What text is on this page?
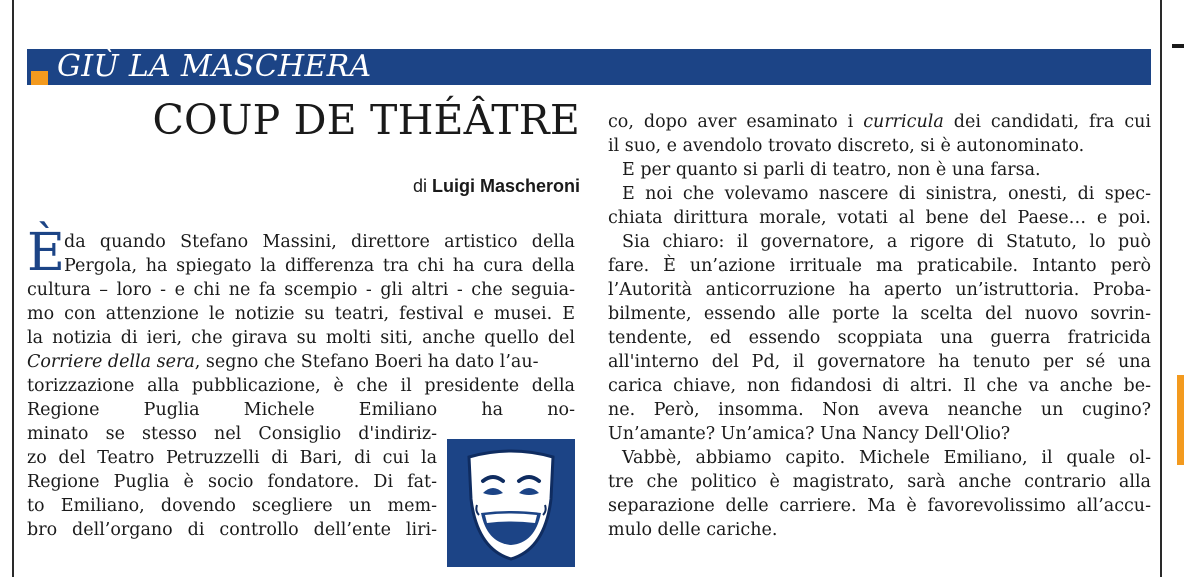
GIÙ LA MASCHERA
COUP DE THÉÂTRE
di Luigi Mascheroni
È da quando Stefano Massini, direttore artistico della

Pergola, ha spiegato la differenza tra chi ha cura della

cultura – loro - e chi ne fa scempio - gli altri - che seguia-

mo con attenzione le notizie su teatri, festival e musei. E

la notizia di ieri, che girava su molti siti, anche quello del

Corriere della sera, segno che Stefano Boeri ha dato l’au-

torizzazione alla pubblicazione, è che il presidente della

Regione Puglia Michele Emiliano ha no-

minato se stesso nel Consiglio d'indiriz-

zo del Teatro Petruzzelli di Bari, di cui la

Regione Puglia è socio fondatore. Di fat-

to Emiliano, dovendo scegliere un mem-

bro dell’organo di controllo dell’ente liri-

co, dopo aver esaminato i curricula dei candidati, fra cui

il suo, e avendolo trovato discreto, si è autonominato.

E per quanto si parli di teatro, non è una farsa.

E noi che volevamo nascere di sinistra, onesti, di spec-

chiata dirittura morale, votati al bene del Paese… e poi.

Sia chiaro: il governatore, a rigore di Statuto, lo può

fare. È un’azione irrituale ma praticabile. Intanto però

l’Autorità anticorruzione ha aperto un’istruttoria. Proba-

bilmente, essendo alle porte la scelta del nuovo sovrin-

tendente, ed essendo scoppiata una guerra fratricida

all'interno del Pd, il governatore ha tenuto per sé una

carica chiave, non fidandosi di altri. Il che va anche be-

ne. Però, insomma. Non aveva neanche un cugino?

Un’amante? Un’amica? Una Nancy Dell'Olio?

Vabbè, abbiamo capito. Michele Emiliano, il quale ol-

tre che politico è magistrato, sarà anche contrario alla

separazione delle carriere. Ma è favorevolissimo all’accu-

mulo delle cariche.
